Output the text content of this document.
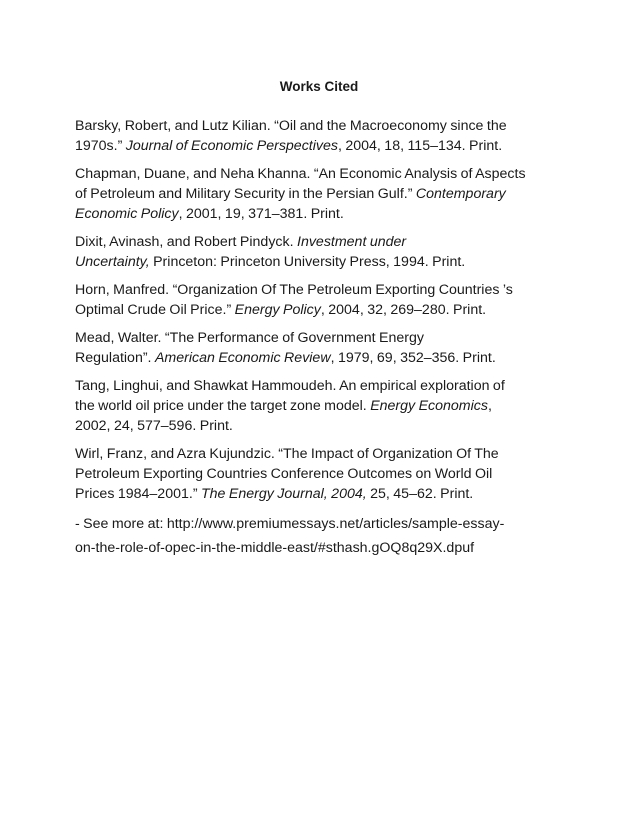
Works Cited
Barsky, Robert, and Lutz Kilian. “Oil and the Macroeconomy since the
1970s.” Journal of Economic Perspectives, 2004, 18, 115–134. Print.
Chapman, Duane, and Neha Khanna. “An Economic Analysis of Aspects
of Petroleum and Military Security in the Persian Gulf.” Contemporary
Economic Policy, 2001, 19, 371–381. Print.
Dixit, Avinash, and Robert Pindyck. Investment under
Uncertainty, Princeton: Princeton University Press, 1994. Print.
Horn, Manfred. “Organization Of The Petroleum Exporting Countries ’s
Optimal Crude Oil Price.” Energy Policy, 2004, 32, 269–280. Print.
Mead, Walter. “The Performance of Government Energy
Regulation”. American Economic Review, 1979, 69, 352–356. Print.
Tang, Linghui, and Shawkat Hammoudeh. An empirical exploration of
the world oil price under the target zone model. Energy Economics,
2002, 24, 577–596. Print.
Wirl, Franz, and Azra Kujundzic. “The Impact of Organization Of The
Petroleum Exporting Countries Conference Outcomes on World Oil
Prices 1984–2001.” The Energy Journal, 2004, 25, 45–62. Print.
- See more at: http://www.premiumessays.net/articles/sample-essay-
on-the-role-of-opec-in-the-middle-east/#sthash.gOQ8q29X.dpuf
